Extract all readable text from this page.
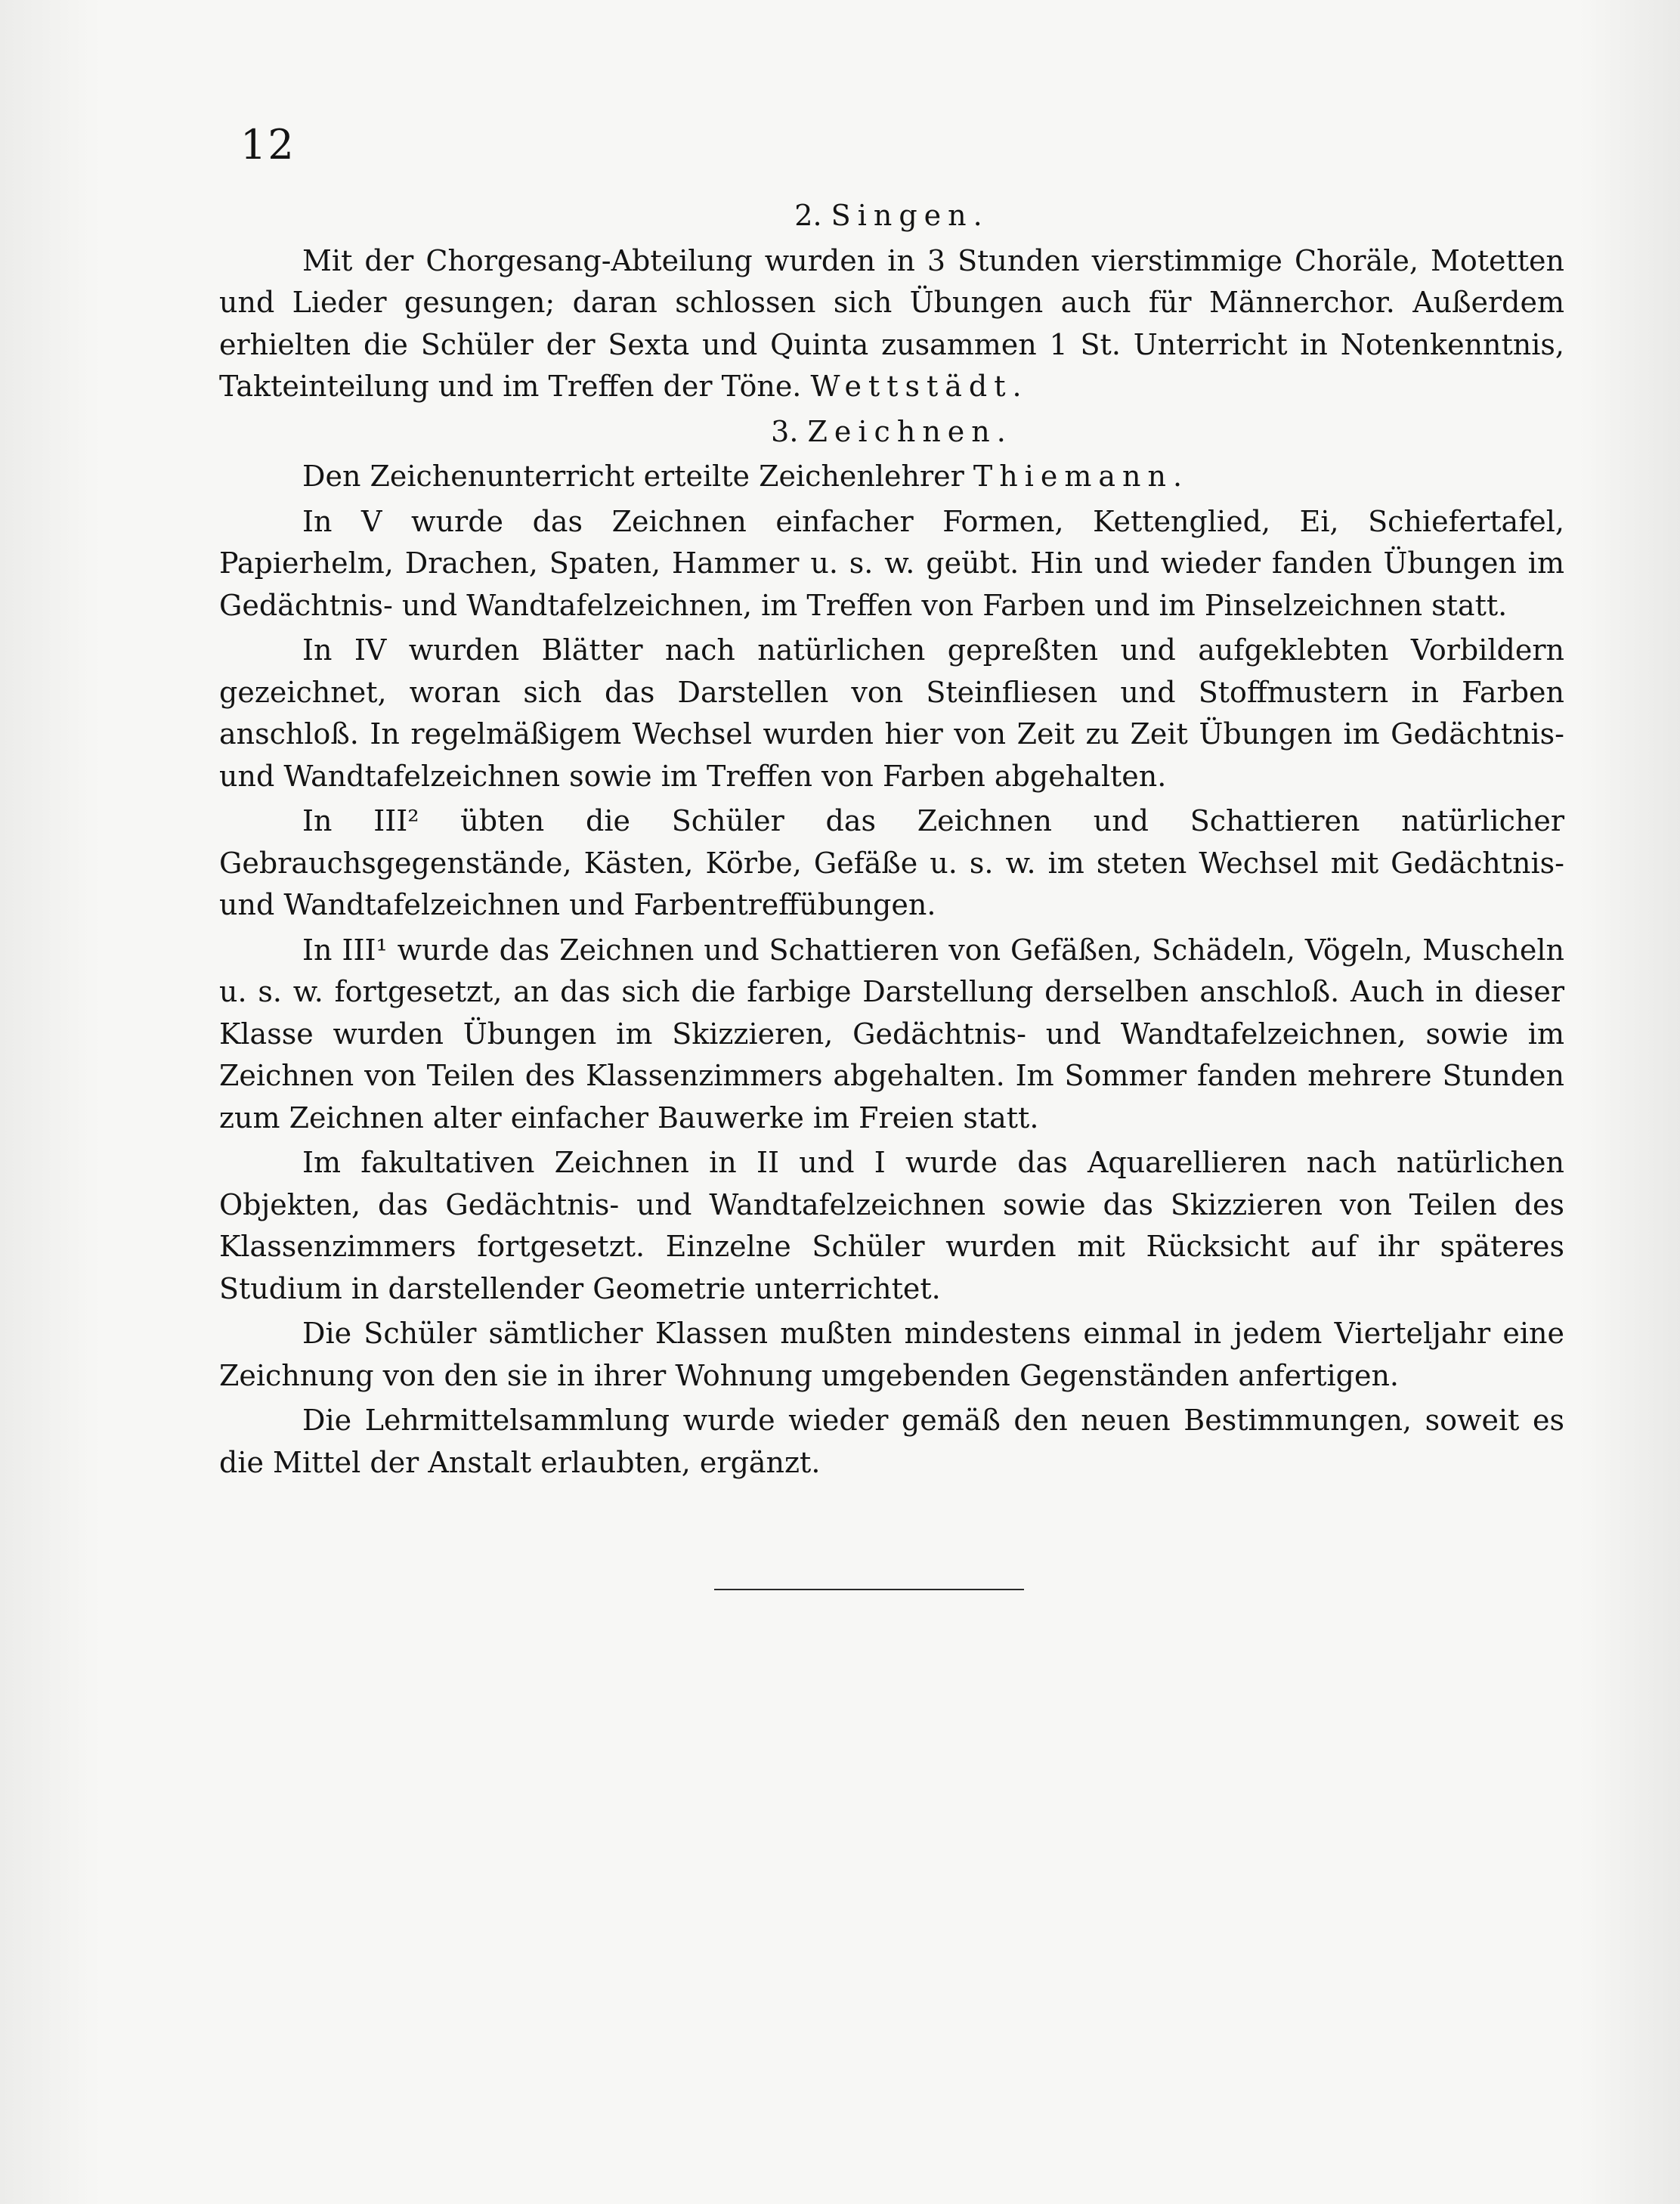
12

2. Singen.

Mit der Chorgesang-Abteilung wurden in 3 Stunden vierstimmige Choräle, Motetten und Lieder gesungen; daran schlossen sich Übungen auch für Männerchor. Außerdem erhielten die Schüler der Sexta und Quinta zusammen 1 St. Unterricht in Notenkenntnis, Takteinteilung und im Treffen der Töne. Wettstädt.

3. Zeichnen.

Den Zeichenunterricht erteilte Zeichenlehrer Thiemann.

In V wurde das Zeichnen einfacher Formen, Kettenglied, Ei, Schiefertafel, Papierhelm, Drachen, Spaten, Hammer u. s. w. geübt. Hin und wieder fanden Übungen im Gedächtnis- und Wandtafelzeichnen, im Treffen von Farben und im Pinselzeichnen statt.

In IV wurden Blätter nach natürlichen gepreßten und aufgeklebten Vorbildern gezeichnet, woran sich das Darstellen von Steinfliesen und Stoffmustern in Farben anschloß. In regelmäßigem Wechsel wurden hier von Zeit zu Zeit Übungen im Gedächtnis- und Wandtafelzeichnen sowie im Treffen von Farben abgehalten.

In III² übten die Schüler das Zeichnen und Schattieren natürlicher Gebrauchsgegenstände, Kästen, Körbe, Gefäße u. s. w. im steten Wechsel mit Gedächtnis- und Wandtafelzeichnen und Farbentreffübungen.

In III¹ wurde das Zeichnen und Schattieren von Gefäßen, Schädeln, Vögeln, Muscheln u. s. w. fortgesetzt, an das sich die farbige Darstellung derselben anschloß. Auch in dieser Klasse wurden Übungen im Skizzieren, Gedächtnis- und Wandtafelzeichnen, sowie im Zeichnen von Teilen des Klassenzimmers abgehalten. Im Sommer fanden mehrere Stunden zum Zeichnen alter einfacher Bauwerke im Freien statt.

Im fakultativen Zeichnen in II und I wurde das Aquarellieren nach natürlichen Objekten, das Gedächtnis- und Wandtafelzeichnen sowie das Skizzieren von Teilen des Klassenzimmers fortgesetzt. Einzelne Schüler wurden mit Rücksicht auf ihr späteres Studium in darstellender Geometrie unterrichtet.

Die Schüler sämtlicher Klassen mußten mindestens einmal in jedem Vierteljahr eine Zeichnung von den sie in ihrer Wohnung umgebenden Gegenständen anfertigen.

Die Lehrmittelsammlung wurde wieder gemäß den neuen Bestimmungen, soweit es die Mittel der Anstalt erlaubten, ergänzt.
